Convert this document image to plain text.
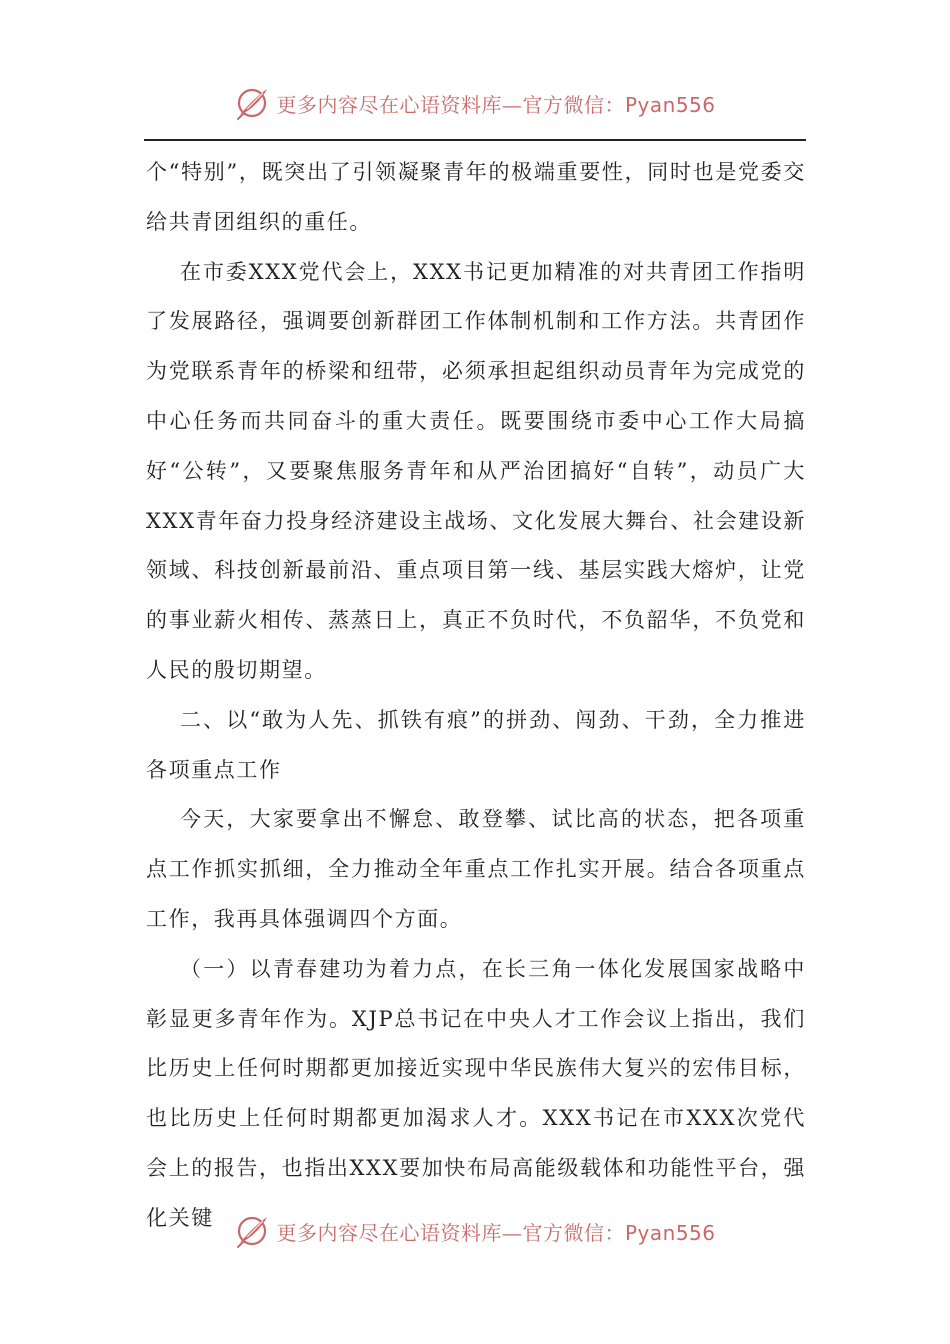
更多内容尽在心语资料库—官方微信：Pyan556

个“特别”，既突出了引领凝聚青年的极端重要性，同时也是党委交给共青团组织的重任。

在市委XXX党代会上，XXX书记更加精准的对共青团工作指明了发展路径，强调要创新群团工作体制机制和工作方法。共青团作为党联系青年的桥梁和纽带，必须承担起组织动员青年为完成党的中心任务而共同奋斗的重大责任。既要围绕市委中心工作大局搞好“公转”，又要聚焦服务青年和从严治团搞好“自转”，动员广大XXX青年奋力投身经济建设主战场、文化发展大舞台、社会建设新领域、科技创新最前沿、重点项目第一线、基层实践大熔炉，让党的事业薪火相传、蒸蒸日上，真正不负时代，不负韶华，不负党和人民的殷切期望。

二、以“敢为人先、抓铁有痕”的拼劲、闯劲、干劲，全力推进各项重点工作

今天，大家要拿出不懈怠、敢登攀、试比高的状态，把各项重点工作抓实抓细，全力推动全年重点工作扎实开展。结合各项重点工作，我再具体强调四个方面。

（一）以青春建功为着力点，在长三角一体化发展国家战略中彰显更多青年作为。XJP总书记在中央人才工作会议上指出，我们比历史上任何时期都更加接近实现中华民族伟大复兴的宏伟目标，也比历史上任何时期都更加渴求人才。XXX书记在市XXX次党代会上的报告，也指出XXX要加快布局高能级载体和功能性平台，强化关键

更多内容尽在心语资料库—官方微信：Pyan556
